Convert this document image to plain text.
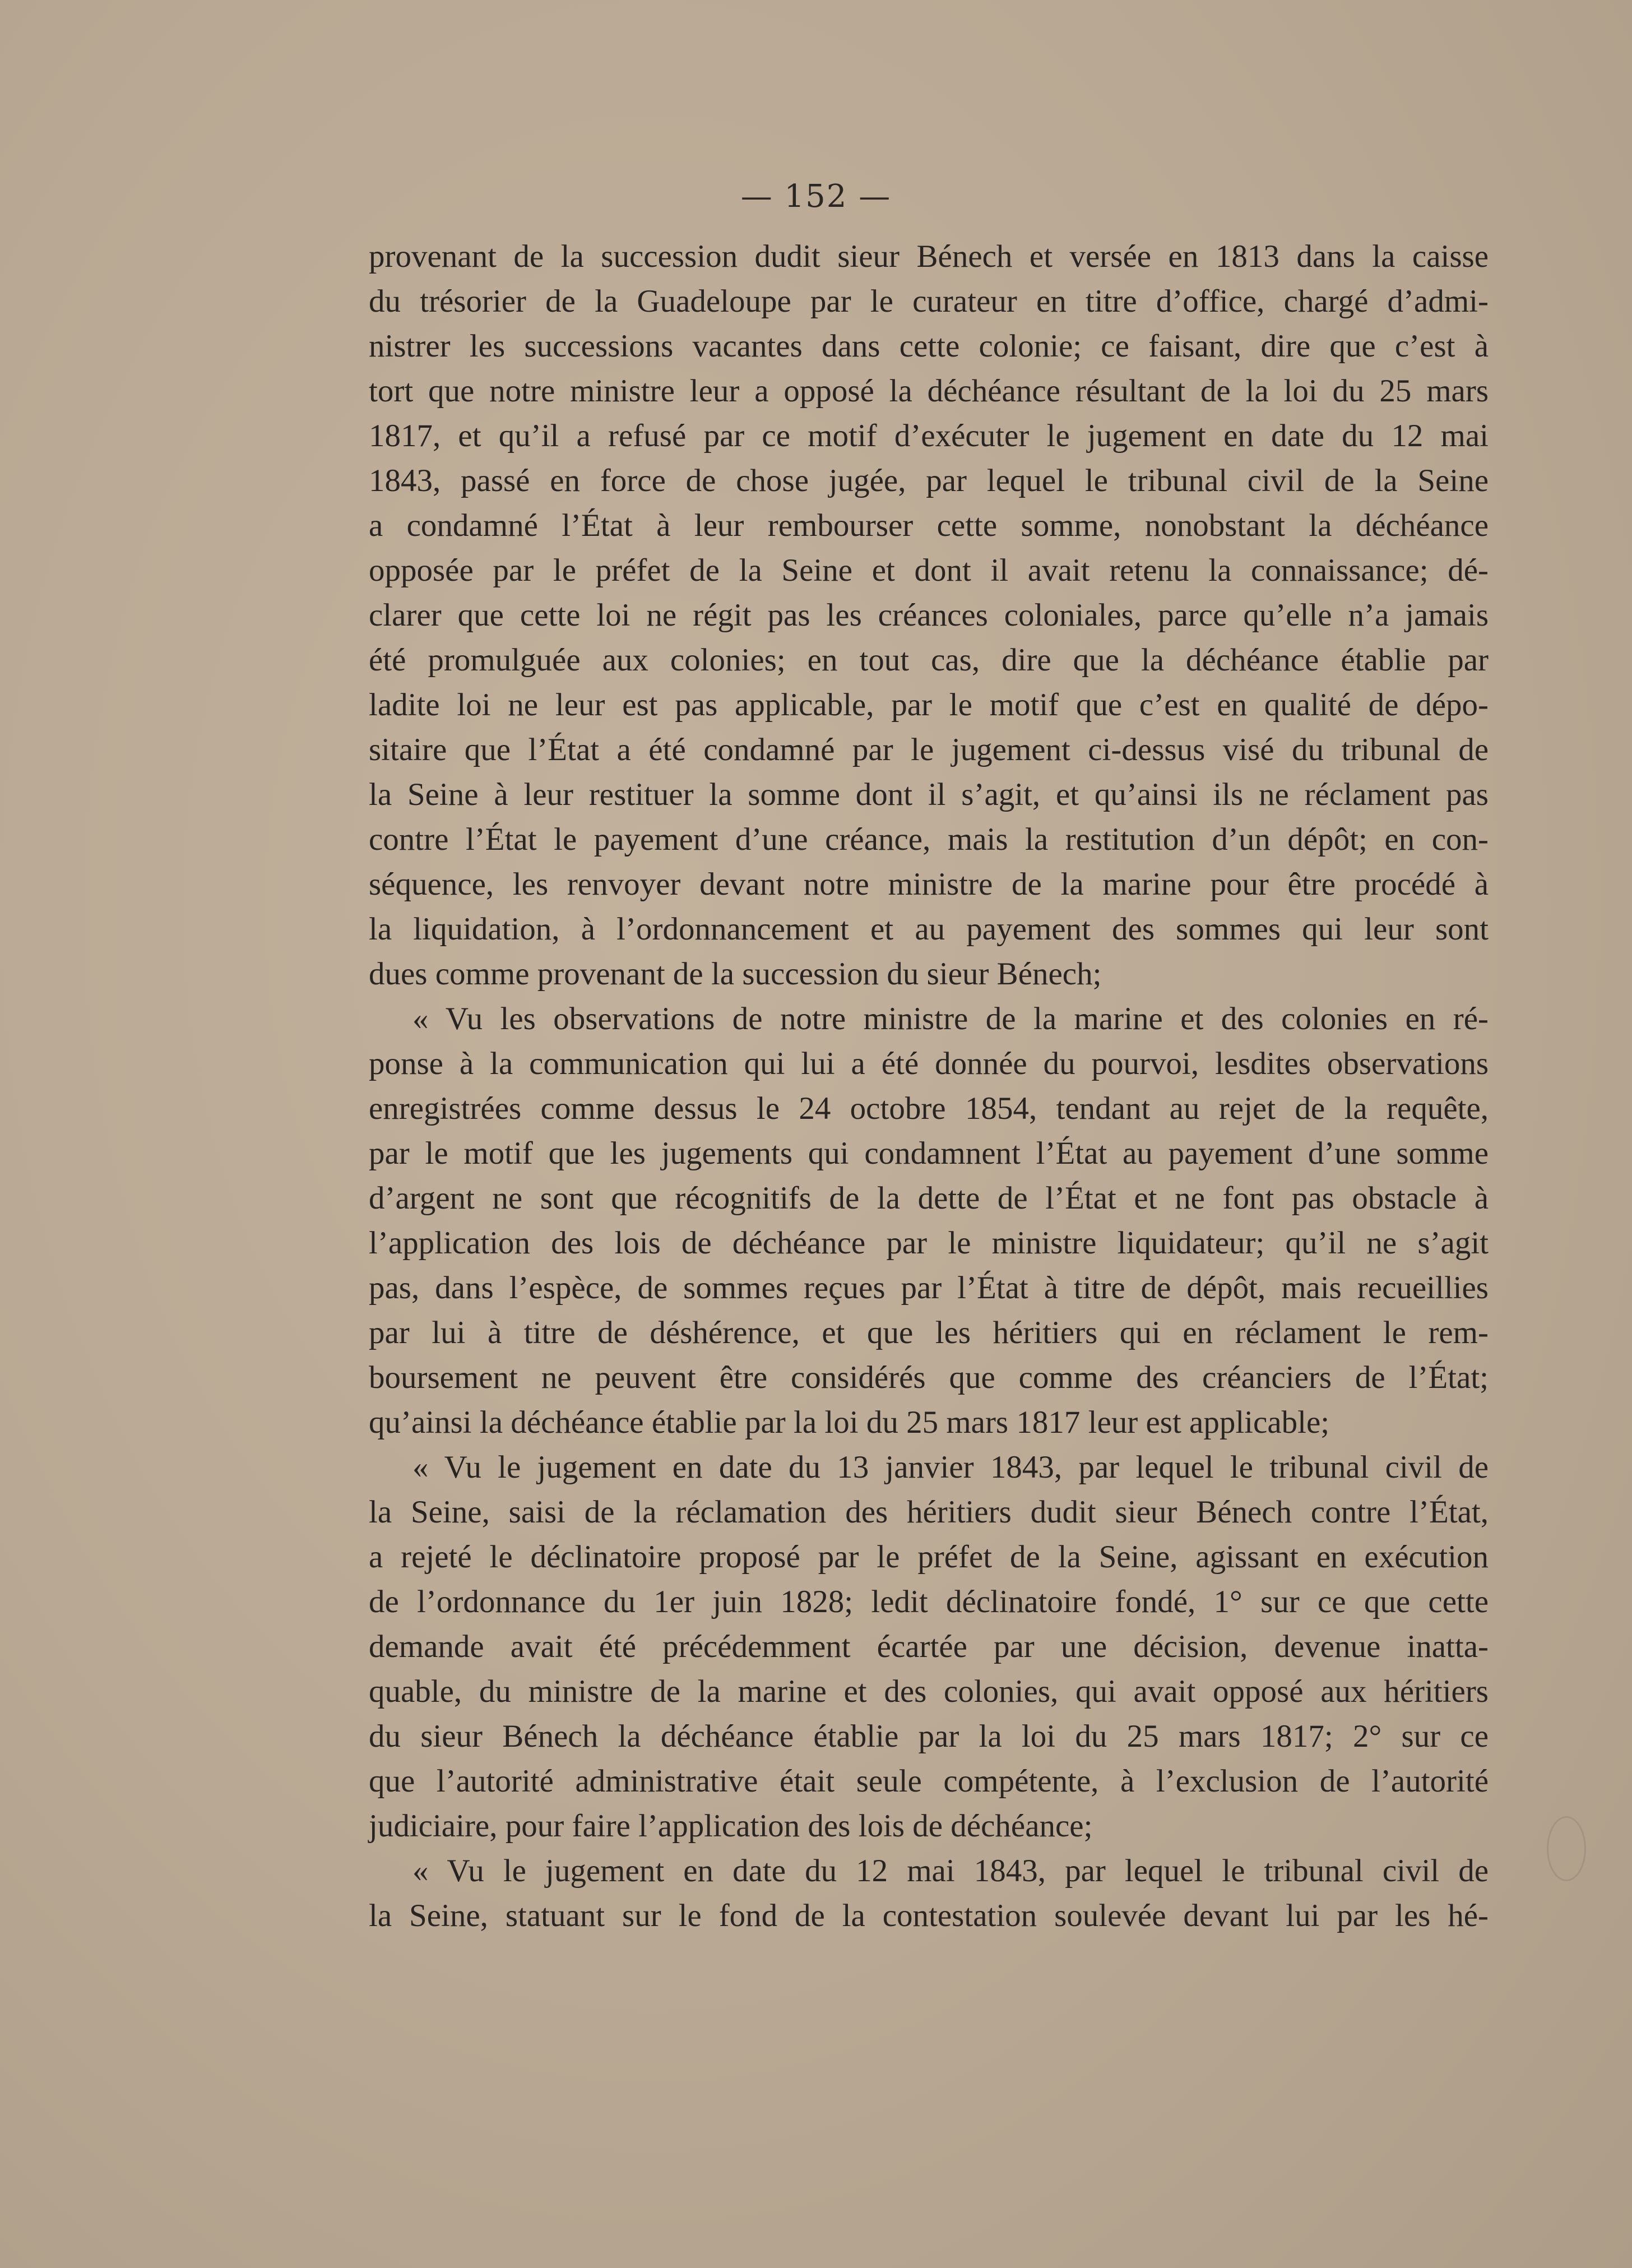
— 152 —
provenant de la succession dudit sieur Bénech et versée en 1813 dans la caisse
du trésorier de la Guadeloupe par le curateur en titre d’office, chargé d’admi-
nistrer les successions vacantes dans cette colonie; ce faisant, dire que c’est à
tort que notre ministre leur a opposé la déchéance résultant de la loi du 25 mars
1817, et qu’il a refusé par ce motif d’exécuter le jugement en date du 12 mai
1843, passé en force de chose jugée, par lequel le tribunal civil de la Seine
a condamné l’État à leur rembourser cette somme, nonobstant la déchéance
opposée par le préfet de la Seine et dont il avait retenu la connaissance; dé-
clarer que cette loi ne régit pas les créances coloniales, parce qu’elle n’a jamais
été promulguée aux colonies; en tout cas, dire que la déchéance établie par
ladite loi ne leur est pas applicable, par le motif que c’est en qualité de dépo-
sitaire que l’État a été condamné par le jugement ci-dessus visé du tribunal de
la Seine à leur restituer la somme dont il s’agit, et qu’ainsi ils ne réclament pas
contre l’État le payement d’une créance, mais la restitution d’un dépôt; en con-
séquence, les renvoyer devant notre ministre de la marine pour être procédé à
la liquidation, à l’ordonnancement et au payement des sommes qui leur sont
dues comme provenant de la succession du sieur Bénech;
« Vu les observations de notre ministre de la marine et des colonies en ré-
ponse à la communication qui lui a été donnée du pourvoi, lesdites observations
enregistrées comme dessus le 24 octobre 1854, tendant au rejet de la requête,
par le motif que les jugements qui condamnent l’État au payement d’une somme
d’argent ne sont que récognitifs de la dette de l’État et ne font pas obstacle à
l’application des lois de déchéance par le ministre liquidateur; qu’il ne s’agit
pas, dans l’espèce, de sommes reçues par l’État à titre de dépôt, mais recueillies
par lui à titre de déshérence, et que les héritiers qui en réclament le rem-
boursement ne peuvent être considérés que comme des créanciers de l’État;
qu’ainsi la déchéance établie par la loi du 25 mars 1817 leur est applicable;
« Vu le jugement en date du 13 janvier 1843, par lequel le tribunal civil de
la Seine, saisi de la réclamation des héritiers dudit sieur Bénech contre l’État,
a rejeté le déclinatoire proposé par le préfet de la Seine, agissant en exécution
de l’ordonnance du 1er juin 1828; ledit déclinatoire fondé, 1° sur ce que cette
demande avait été précédemment écartée par une décision, devenue inatta-
quable, du ministre de la marine et des colonies, qui avait opposé aux héritiers
du sieur Bénech la déchéance établie par la loi du 25 mars 1817; 2° sur ce
que l’autorité administrative était seule compétente, à l’exclusion de l’autorité
judiciaire, pour faire l’application des lois de déchéance;
« Vu le jugement en date du 12 mai 1843, par lequel le tribunal civil de
la Seine, statuant sur le fond de la contestation soulevée devant lui par les hé-
